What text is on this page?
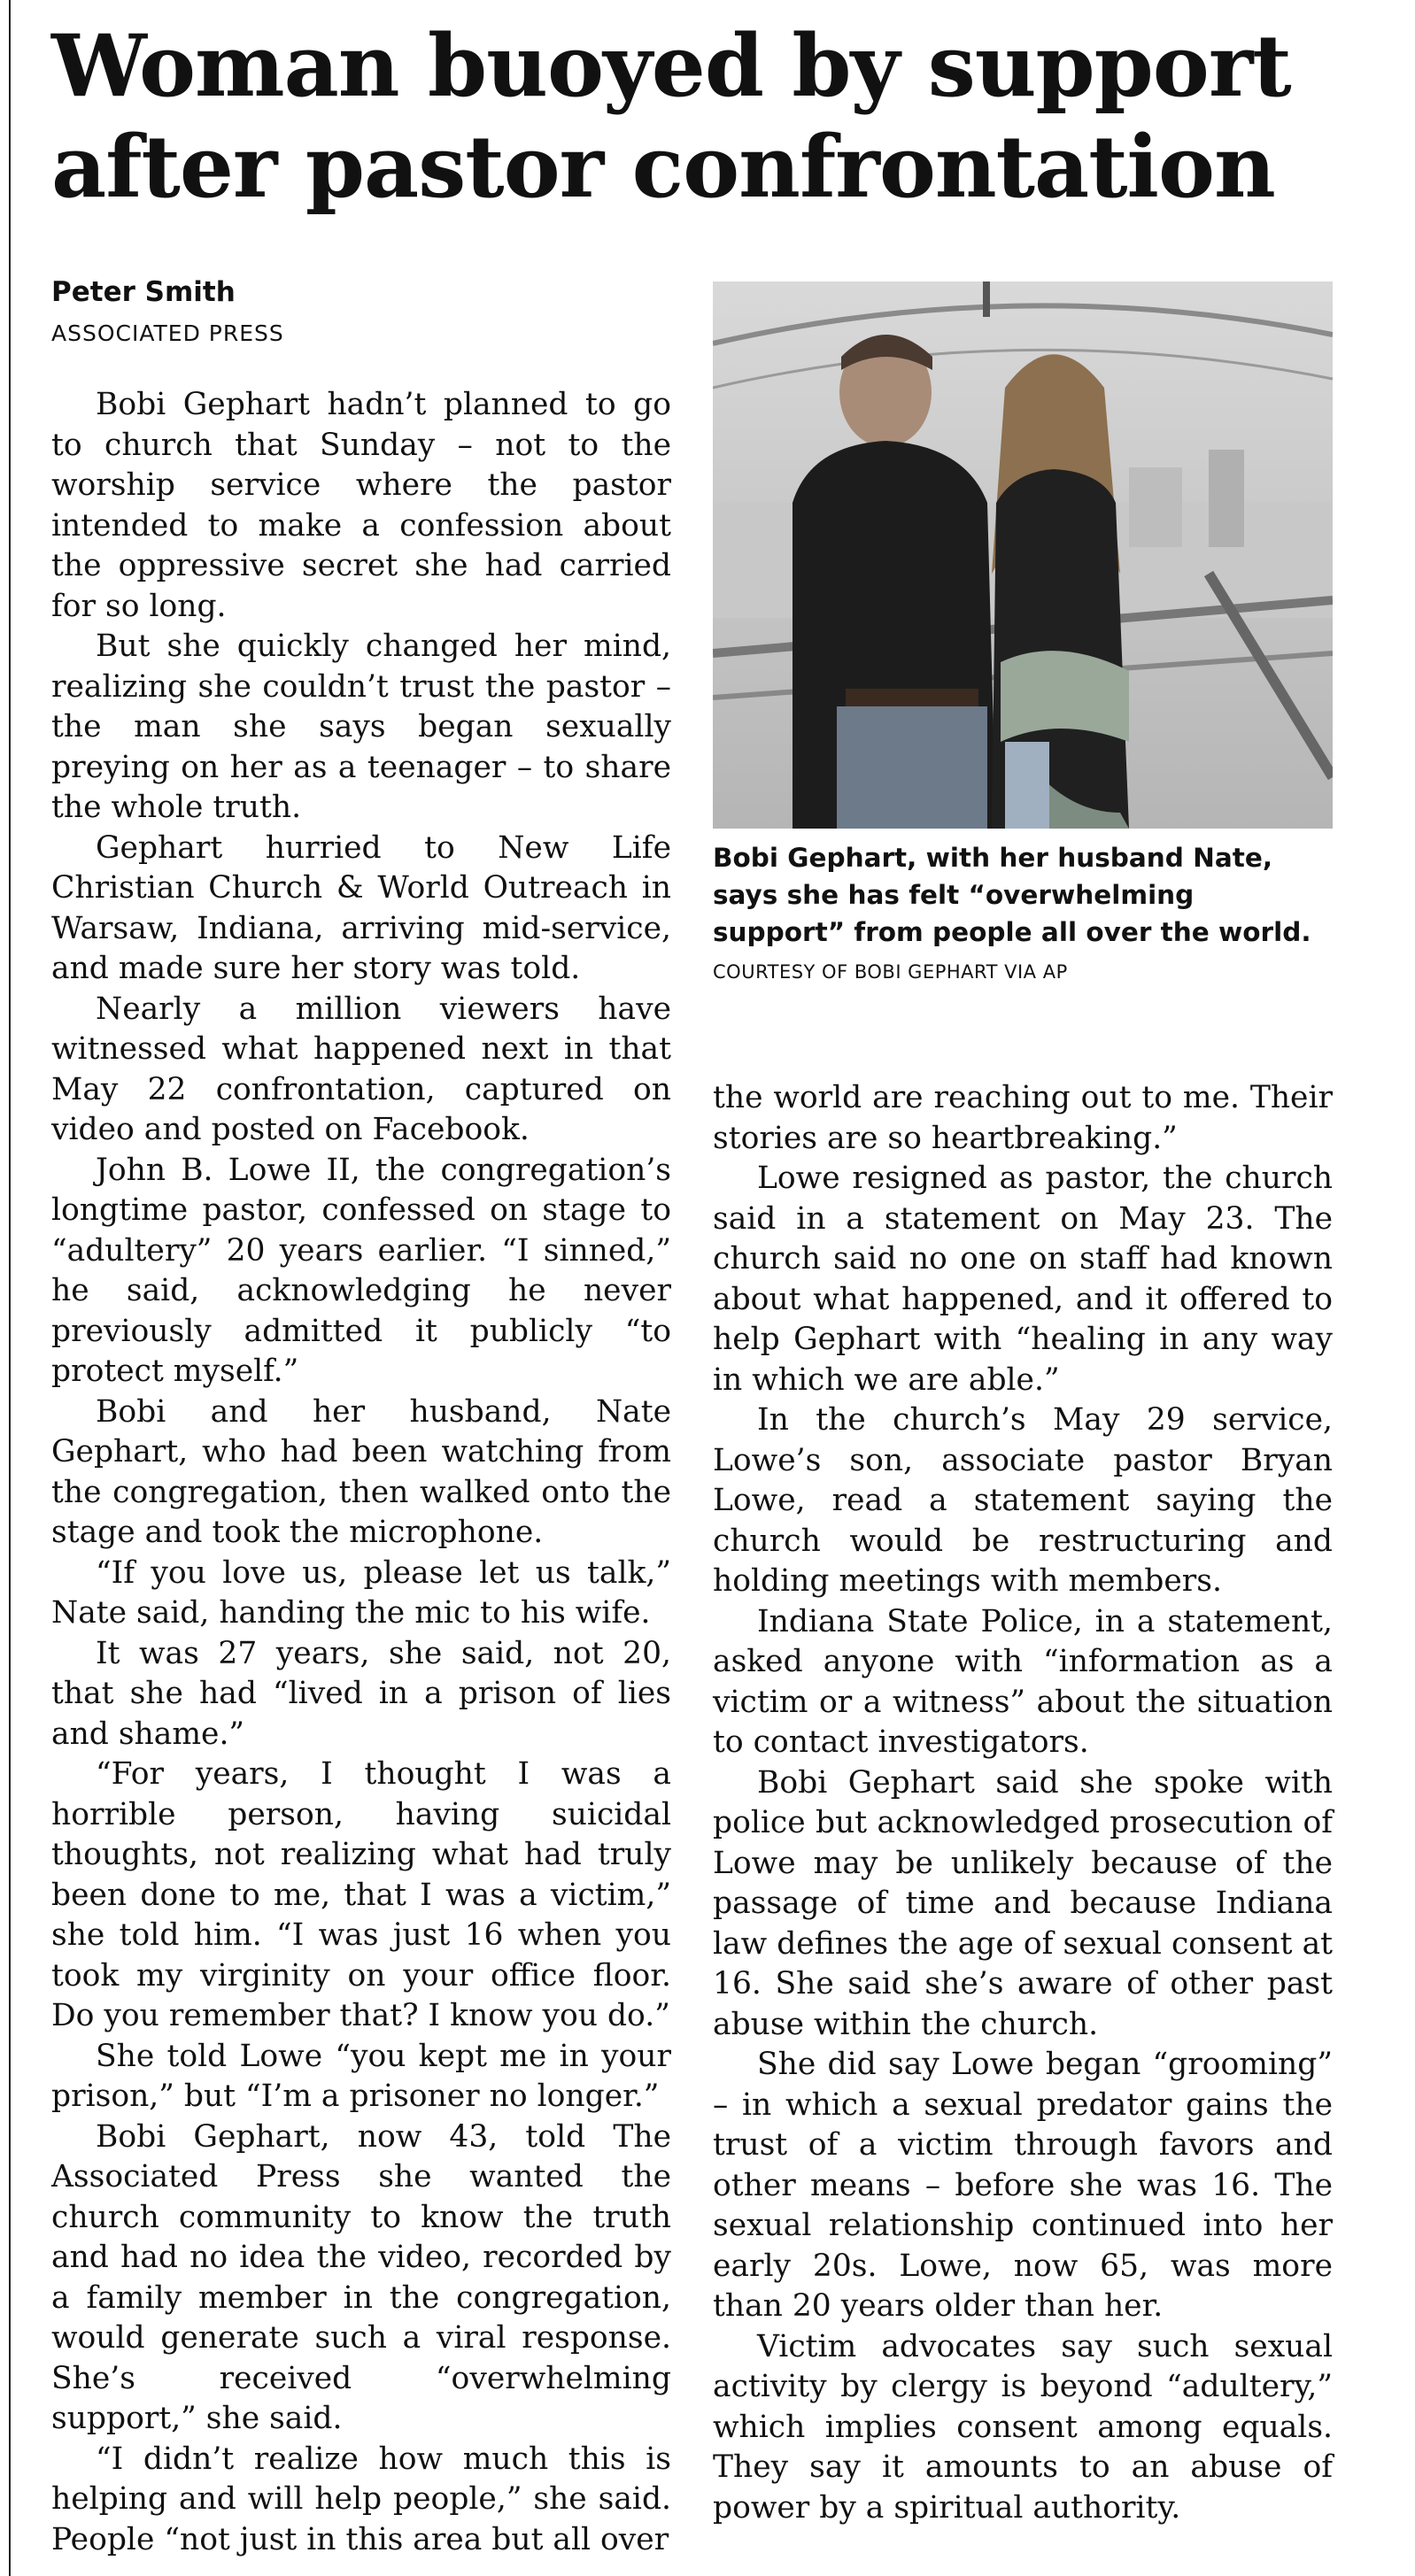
Woman buoyed by support after pastor confrontation
Peter Smith
ASSOCIATED PRESS
Bobi Gephart, with her husband Nate, says she has felt “overwhelming support” from people all over the world. COURTESY OF BOBI GEPHART VIA AP

Bobi Gephart hadn’t planned to go to church that Sunday – not to the worship service where the pastor intended to make a confession about the oppressive secret she had carried for so long.

But she quickly changed her mind, realizing she couldn’t trust the pastor – the man she says began sexually preying on her as a teenager – to share the whole truth.

Gephart hurried to New Life Christian Church & World Outreach in Warsaw, Indiana, arriving mid-service, and made sure her story was told.

Nearly a million viewers have witnessed what happened next in that May 22 confrontation, captured on video and posted on Facebook.

John B. Lowe II, the congregation’s longtime pastor, confessed on stage to “adultery” 20 years earlier. “I sinned,” he said, acknowledging he never previously admitted it publicly “to protect myself.”

Bobi and her husband, Nate Gephart, who had been watching from the congregation, then walked onto the stage and took the microphone.

“If you love us, please let us talk,” Nate said, handing the mic to his wife.

It was 27 years, she said, not 20, that she had “lived in a prison of lies and shame.”

“For years, I thought I was a horrible person, having suicidal thoughts, not realizing what had truly been done to me, that I was a victim,” she told him. “I was just 16 when you took my virginity on your office floor. Do you remember that? I know you do.”

She told Lowe “you kept me in your prison,” but “I’m a prisoner no longer.”

Bobi Gephart, now 43, told The Associated Press she wanted the church community to know the truth and had no idea the video, recorded by a family member in the congregation, would generate such a viral response. She’s received “overwhelming support,” she said.

“I didn’t realize how much this is helping and will help people,” she said. People “not just in this area but all over

the world are reaching out to me. Their stories are so heartbreaking.”

Lowe resigned as pastor, the church said in a statement on May 23. The church said no one on staff had known about what happened, and it offered to help Gephart with “healing in any way in which we are able.”

In the church’s May 29 service, Lowe’s son, associate pastor Bryan Lowe, read a statement saying the church would be restructuring and holding meetings with members.

Indiana State Police, in a statement, asked anyone with “information as a victim or a witness” about the situation to contact investigators.

Bobi Gephart said she spoke with police but acknowledged prosecution of Lowe may be unlikely because of the passage of time and because Indiana law defines the age of sexual consent at 16. She said she’s aware of other past abuse within the church.

She did say Lowe began “grooming” – in which a sexual predator gains the trust of a victim through favors and other means – before she was 16. The sexual relationship continued into her early 20s. Lowe, now 65, was more than 20 years older than her.

Victim advocates say such sexual activity by clergy is beyond “adultery,” which implies consent among equals. They say it amounts to an abuse of power by a spiritual authority.
